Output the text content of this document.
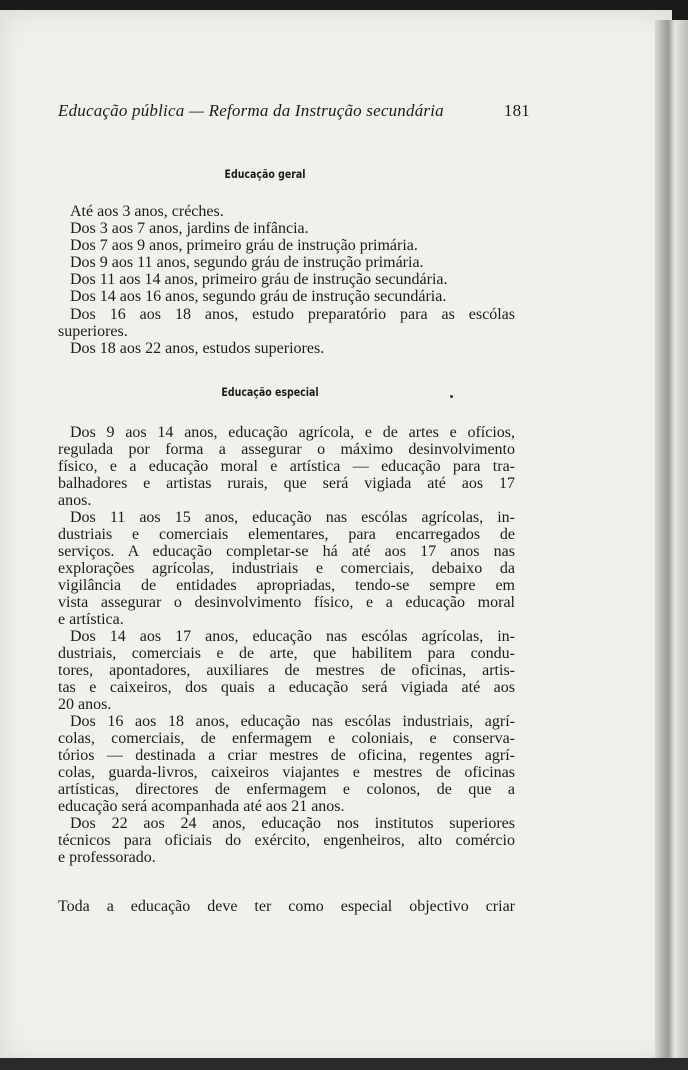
Educação pública — Reforma da Instrução secundária	181
Educação geral
Até aos 3 anos, créches.
Dos 3 aos 7 anos, jardins de infância.
Dos 7 aos 9 anos, primeiro gráu de instrução primária.
Dos 9 aos 11 anos, segundo gráu de instrução primária.
Dos 11 aos 14 anos, primeiro gráu de instrução secundária.
Dos 14 aos 16 anos, segundo gráu de instrução secundária.
Dos 16 aos 18 anos, estudo preparatório para as escólas
superiores.
Dos 18 aos 22 anos, estudos superiores.
Educação especial
Dos 9 aos 14 anos, educação agrícola, e de artes e ofícios,
regulada por forma a assegurar o máximo desinvolvimento
físico, e a educação moral e artística — educação para tra-
balhadores e artistas rurais, que será vigiada até aos 17
anos.
Dos 11 aos 15 anos, educação nas escólas agrícolas, in-
dustriais e comerciais elementares, para encarregados de
serviços. A educação completar-se há até aos 17 anos nas
explorações agrícolas, industriais e comerciais, debaixo da
vigilância de entidades apropriadas, tendo-se sempre em
vista assegurar o desinvolvimento físico, e a educação moral
e artística.
Dos 14 aos 17 anos, educação nas escólas agrícolas, in-
dustriais, comerciais e de arte, que habilitem para condu-
tores, apontadores, auxiliares de mestres de oficinas, artis-
tas e caixeiros, dos quais a educação será vigiada até aos
20 anos.
Dos 16 aos 18 anos, educação nas escólas industriais, agrí-
colas, comerciais, de enfermagem e coloniais, e conserva-
tórios — destinada a criar mestres de oficina, regentes agrí-
colas, guarda-livros, caixeiros viajantes e mestres de oficinas
artísticas, directores de enfermagem e colonos, de que a
educação será acompanhada até aos 21 anos.
Dos 22 aos 24 anos, educação nos institutos superiores
técnicos para oficiais do exército, engenheiros, alto comércio
e professorado.
Toda a educação deve ter como especial objectivo criar
